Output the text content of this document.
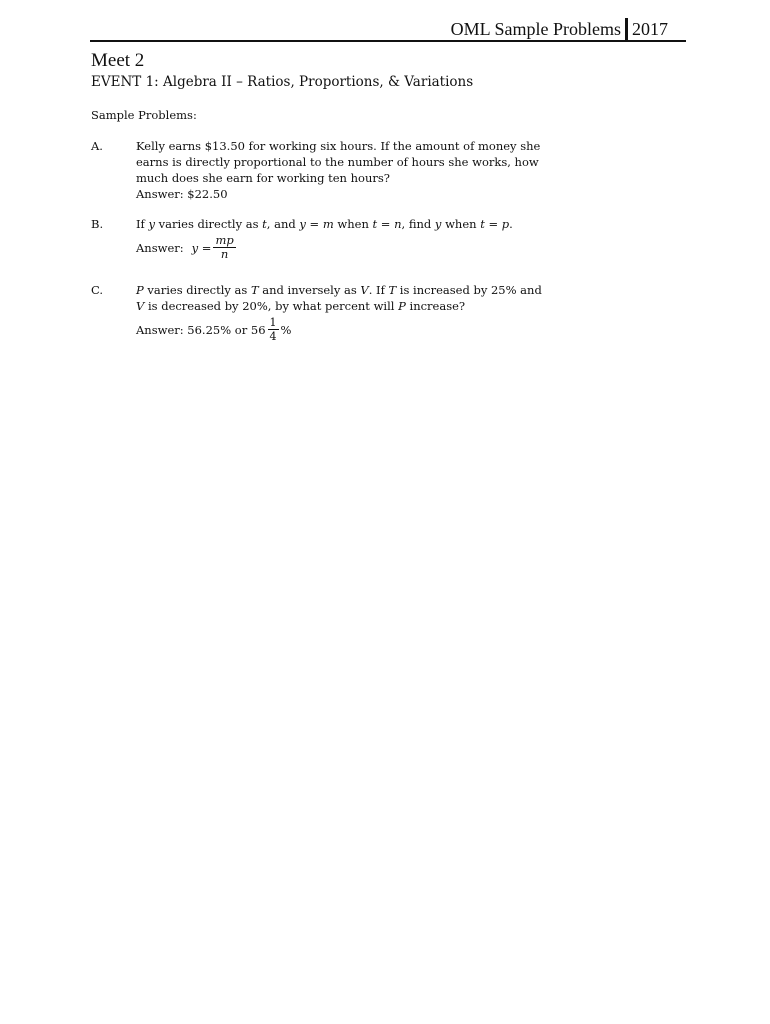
OML Sample Problems 2017
Meet 2
EVENT 1: Algebra II – Ratios, Proportions, & Variations
Sample Problems:
A.	Kelly earns $13.50 for working six hours. If the amount of money she
earns is directly proportional to the number of hours she works, how
much does she earn for working ten hours?
Answer: $22.50
B.	If y varies directly as t, and y = m when t = n, find y when t = p.
Answer: $y = \frac{mp}{n}$
C.	P varies directly as T and inversely as V. If T is increased by 25% and
V is decreased by 20%, by what percent will P increase?
Answer: 56.25% or $56 \frac{1}{4}$ %
